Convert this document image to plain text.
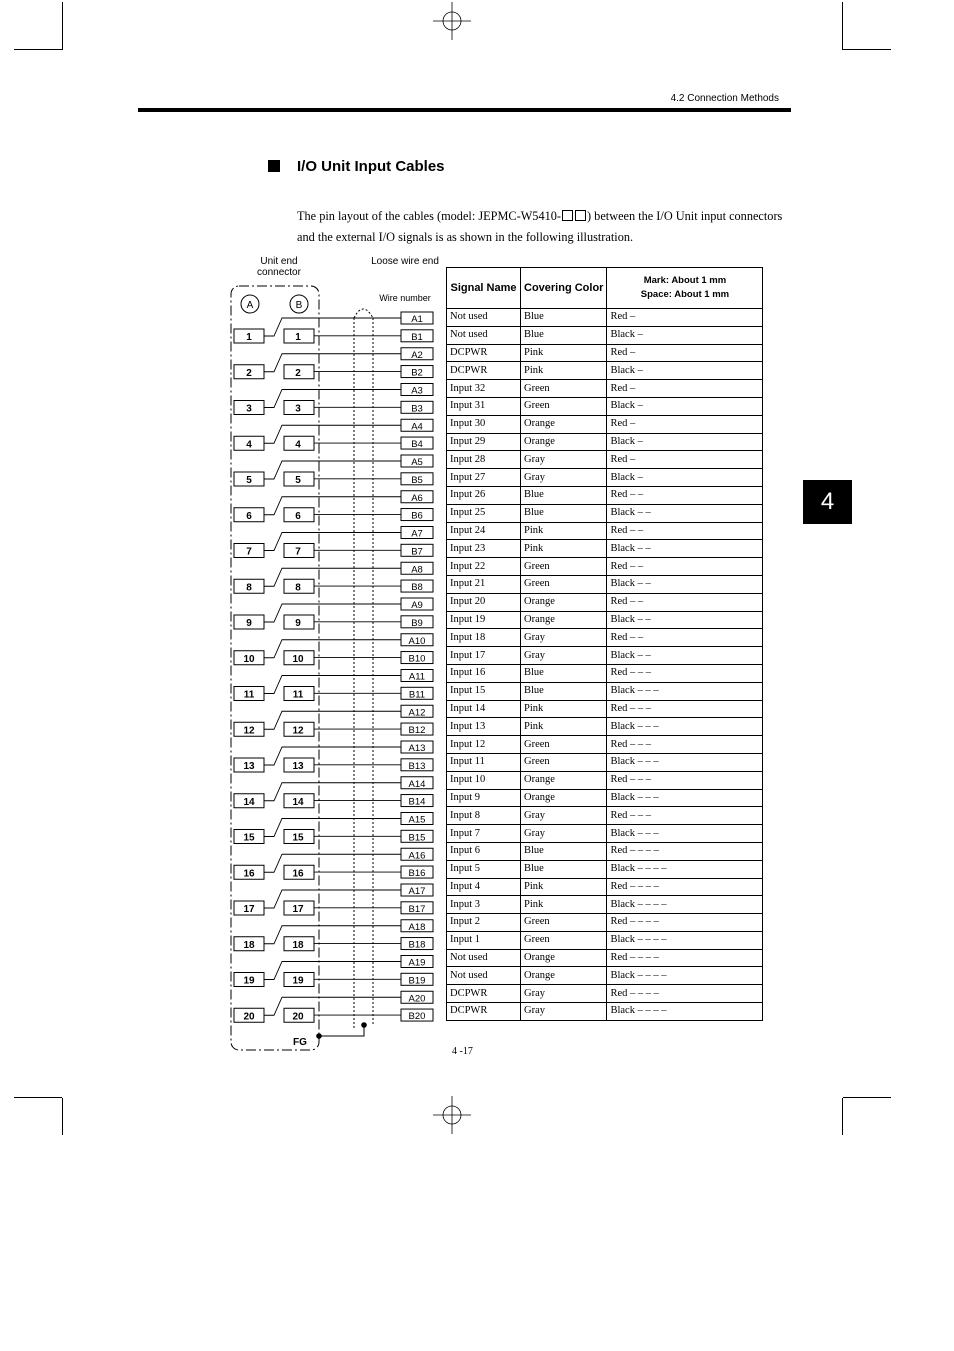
4.2 Connection Methods
4
I/O Unit Input Cables
The pin layout of the cables (model: JEPMC-W5410- ) between the I/O Unit input connectors and the external I/O signals is as shown in the following illustration.
Unit end connector
Loose wire end
Wire number
A	B
1	1
A1
B1
2	2
A2
B2
3	3
A3
B3
4	4
A4
B4
5	5
A5
B5
6	6
A6
B6
7	7
A7
B7
8	8
A8
B8
9	9
A9
B9
10	10
A10
B10
11	11
A11
B11
12	12
A12
B12
13	13
A13
B13
14	14
A14
B14
15	15
A15
B15
16	16
A16
B16
17	17
A17
B17
18	18
A18
B18
19	19
A19
B19
20	20
A20
B20
FG
Signal Name	Covering Color	Mark: About 1 mm
Space: About 1 mm
Not used	Blue	Red –
Not used	Blue	Black –
DCPWR	Pink	Red –
DCPWR	Pink	Black –
Input 32	Green	Red –
Input 31	Green	Black –
Input 30	Orange	Red –
Input 29	Orange	Black –
Input 28	Gray	Red –
Input 27	Gray	Black –
Input 26	Blue	Red – –
Input 25	Blue	Black – –
Input 24	Pink	Red – –
Input 23	Pink	Black – –
Input 22	Green	Red – –
Input 21	Green	Black – –
Input 20	Orange	Red – –
Input 19	Orange	Black – –
Input 18	Gray	Red – –
Input 17	Gray	Black – –
Input 16	Blue	Red – – –
Input 15	Blue	Black – – –
Input 14	Pink	Red – – –
Input 13	Pink	Black – – –
Input 12	Green	Red – – –
Input 11	Green	Black – – –
Input 10	Orange	Red – – –
Input 9	Orange	Black – – –
Input 8	Gray	Red – – –
Input 7	Gray	Black – – –
Input 6	Blue	Red – – – –
Input 5	Blue	Black – – – –
Input 4	Pink	Red – – – –
Input 3	Pink	Black – – – –
Input 2	Green	Red – – – –
Input 1	Green	Black – – – –
Not used	Orange	Red – – – –
Not used	Orange	Black – – – –
DCPWR	Gray	Red – – – –
DCPWR	Gray	Black – – – –
4 -17
